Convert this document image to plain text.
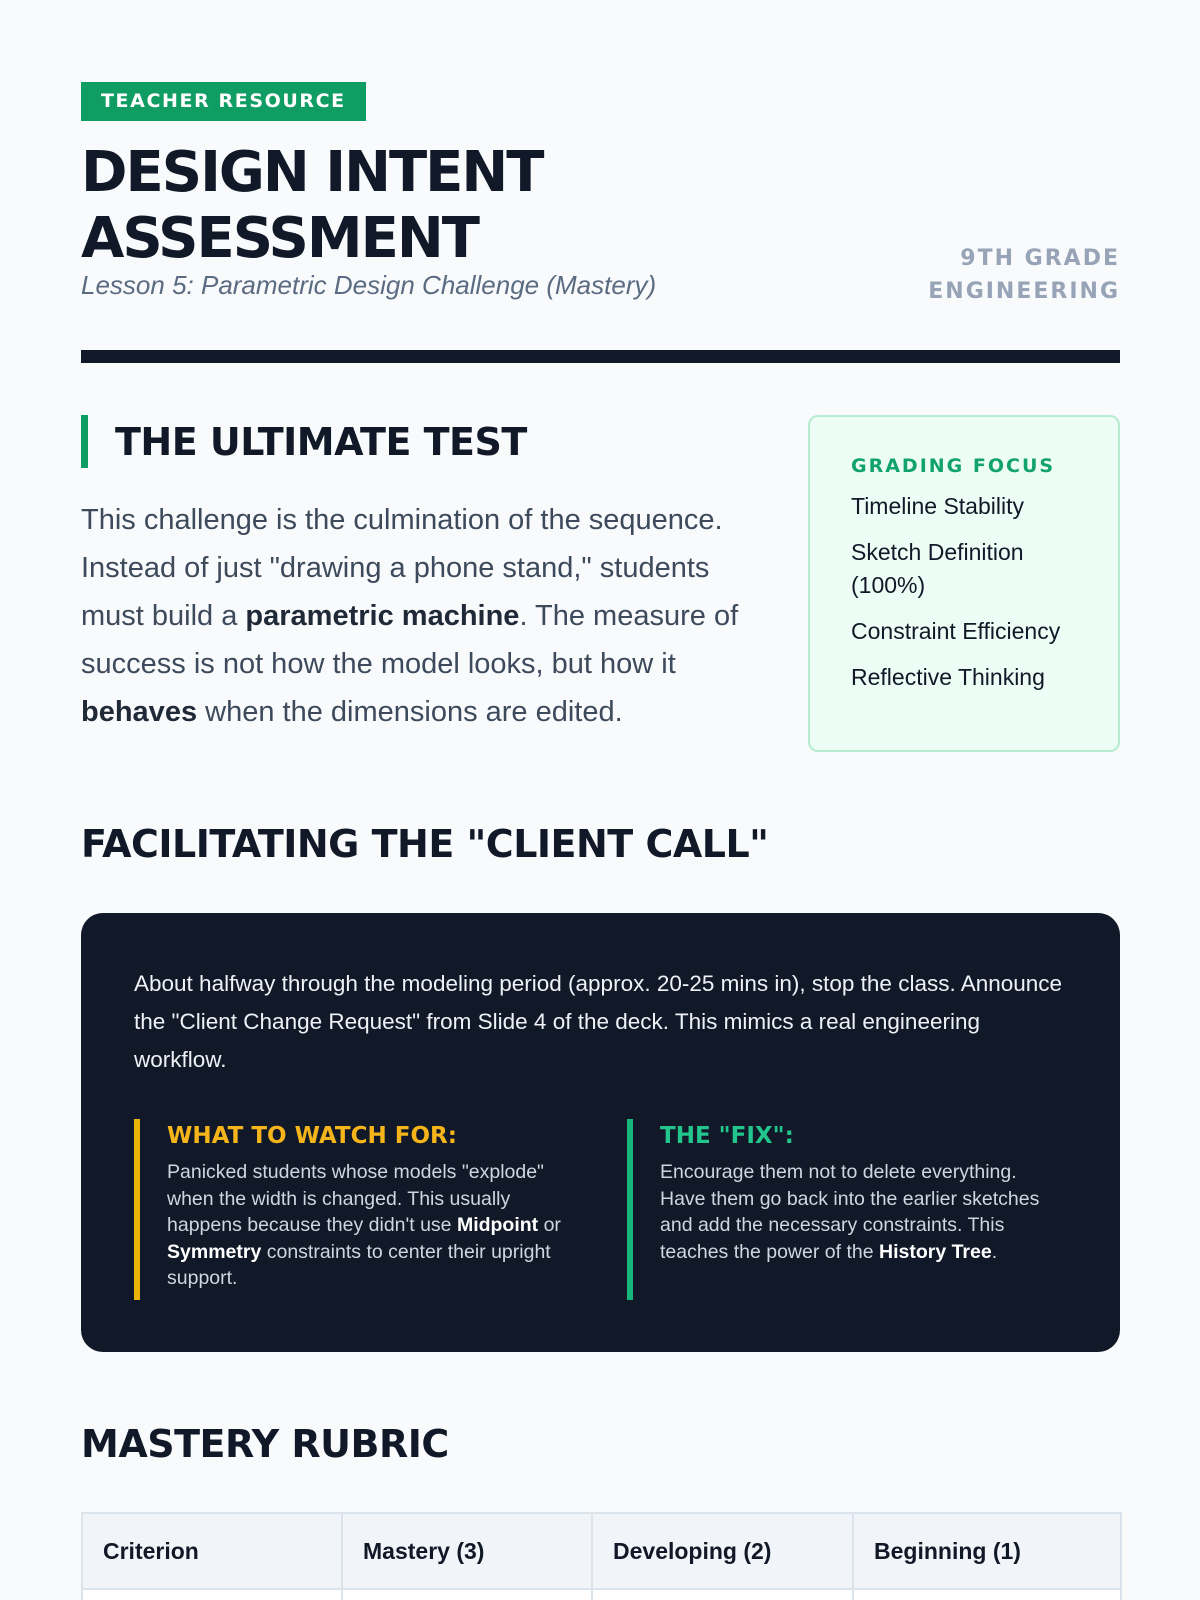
TEACHER RESOURCE
DESIGN INTENT
ASSESSMENT
Lesson 5: Parametric Design Challenge (Mastery)
9TH GRADE
ENGINEERING
THE ULTIMATE TEST

This challenge is the culmination of the sequence. Instead of just "drawing a phone stand," students must build a parametric machine. The measure of success is not how the model looks, but how it behaves when the dimensions are edited.

GRADING FOCUS
Timeline Stability
Sketch Definition (100%)
Constraint Efficiency
Reflective Thinking
FACILITATING THE "CLIENT CALL"

About halfway through the modeling period (approx. 20-25 mins in), stop the class. Announce the "Client Change Request" from Slide 4 of the deck. This mimics a real engineering workflow.

WHAT TO WATCH FOR:

Panicked students whose models "explode" when the width is changed. This usually happens because they didn't use Midpoint or Symmetry constraints to center their upright support.

THE "FIX":

Encourage them not to delete everything. Have them go back into the earlier sketches and add the necessary constraints. This teaches the power of the History Tree.

MASTERY RUBRIC
Criterion	Mastery (3)	Developing (2)	Beginning (1)
